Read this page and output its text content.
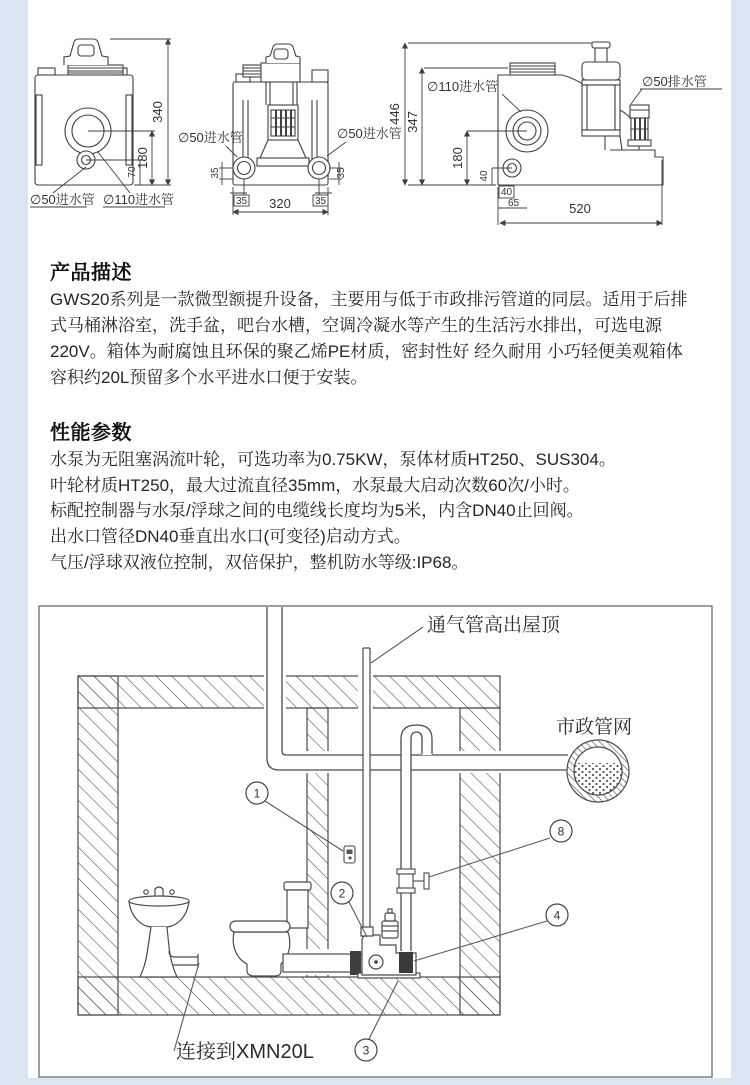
340
180
70
∅50进水管 ∅110进水管
35
35
35
35
320
∅50进水管	∅50进水管
446 347
180
40
40
65	520
∅110进水管	∅50排水管
产品描述
GWS20系列是一款微型额提升设备，主要用与低于市政排污管道的同层。适用于后排式马桶淋浴室，洗手盆，吧台水槽，空调冷凝水等产生的生活污水排出，可选电源220V。箱体为耐腐蚀且环保的聚乙烯PE材质，密封性好 经久耐用 小巧轻便美观箱体容积约20L预留多个水平进水口便于安装。
性能参数
水泵为无阻塞涡流叶轮，可选功率为0.75KW，泵体材质HT250、SUS304。
叶轮材质HT250，最大过流直径35mm，水泵最大启动次数60次/小时。
标配控制器与水泵/浮球之间的电缆线长度均为5米，内含DN40止回阀。
出水口管径DN40垂直出水口(可变径)启动方式。
气压/浮球双液位控制，双倍保护，整机防水等级:IP68。
1
2
3
4
8
通气管高出屋顶
市政管网
连接到XMN20L
